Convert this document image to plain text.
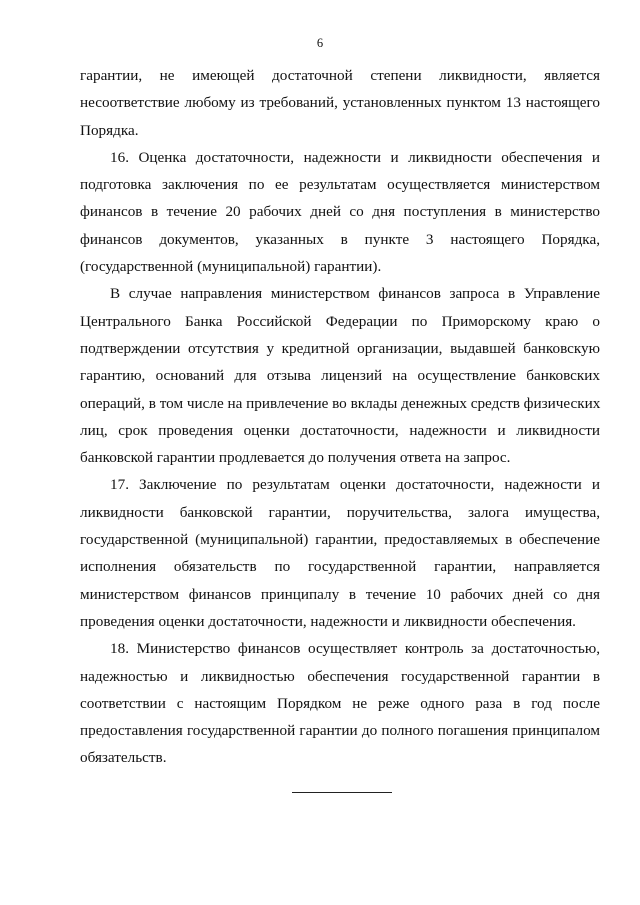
6

гарантии, не имеющей достаточной степени ликвидности, является
несоответствие любому из требований, установленных пунктом 13 настоящего
Порядка.

16. Оценка достаточности, надежности и ликвидности обеспечения и
подготовка заключения по ее результатам осуществляется министерством
финансов в течение 20 рабочих дней со дня поступления в министерство
финансов документов, указанных в пункте 3 настоящего Порядка,
(государственной (муниципальной) гарантии).

В случае направления министерством финансов запроса в Управление
Центрального Банка Российской Федерации по Приморскому краю о
подтверждении отсутствия у кредитной организации, выдавшей банковскую
гарантию, оснований для отзыва лицензий на осуществление банковских
операций, в том числе на привлечение во вклады денежных средств физических
лиц, срок проведения оценки достаточности, надежности и ликвидности
банковской гарантии продлевается до получения ответа на запрос.

17. Заключение по результатам оценки достаточности, надежности и
ликвидности банковской гарантии, поручительства, залога имущества,
государственной (муниципальной) гарантии, предоставляемых в обеспечение
исполнения обязательств по государственной гарантии, направляется
министерством финансов принципалу в течение 10 рабочих дней со дня
проведения оценки достаточности, надежности и ликвидности обеспечения.

18. Министерство финансов осуществляет контроль за достаточностью,
надежностью и ликвидностью обеспечения государственной гарантии в
соответствии с настоящим Порядком не реже одного раза в год после
предоставления государственной гарантии до полного погашения принципалом
обязательств.
